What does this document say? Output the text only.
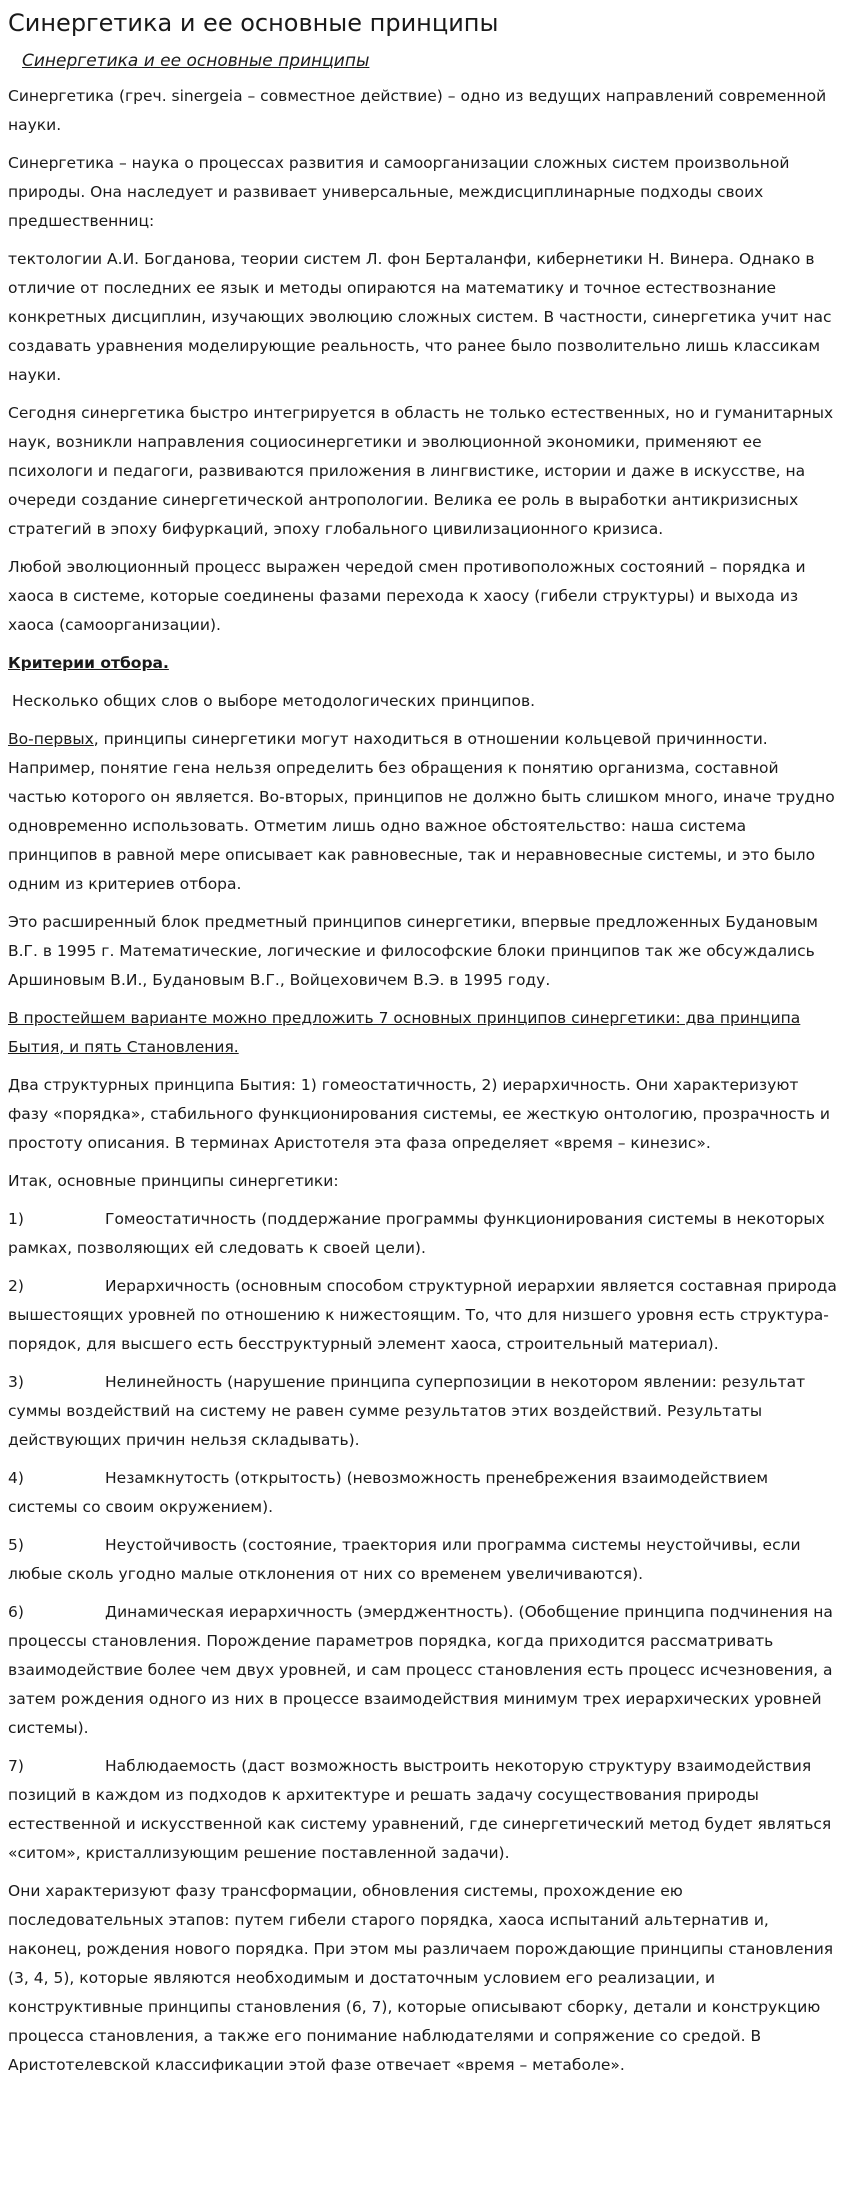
Синергетика и ее основные принципы
Синергетика и ее основные принципы

Синергетика (греч. sinergeia – совместное действие) – одно из ведущих направлений современной науки.

Синергетика – наука о процессах развития и самоорганизации сложных систем произвольной природы. Она наследует и развивает универсальные, междисциплинарные подходы своих предшественниц:

тектологии А.И. Богданова, теории систем Л. фон Берталанфи, кибернетики Н. Винера. Однако в отличие от последних ее язык и методы опираются на математику и точное естествознание конкретных дисциплин, изучающих эволюцию сложных систем. В частности, синергетика учит нас создавать уравнения моделирующие реальность, что ранее было позволительно лишь классикам науки.

Сегодня синергетика быстро интегрируется в область не только естественных, но и гуманитарных наук, возникли направления социосинергетики и эволюционной экономики, применяют ее психологи и педагоги, развиваются приложения в лингвистике, истории и даже в искусстве, на очереди создание синергетической антропологии. Велика ее роль в выработки антикризисных стратегий в эпоху бифуркаций, эпоху глобального цивилизационного кризиса.

Любой эволюционный процесс выражен чередой смен противоположных состояний – порядка и хаоса в системе, которые соединены фазами перехода к хаосу (гибели структуры) и выхода из хаоса (самоорганизации).

Критерии отбора.

Несколько общих слов о выборе методологических принципов.

Во-первых, принципы синергетики могут находиться в отношении кольцевой причинности. Например, понятие гена нельзя определить без обращения к понятию организма, составной частью которого он является. Во-вторых, принципов не должно быть слишком много, иначе трудно одновременно использовать. Отметим лишь одно важное обстоятельство: наша система принципов в равной мере описывает как равновесные, так и неравновесные системы, и это было одним из критериев отбора.

Это расширенный блок предметный принципов синергетики, впервые предложенных Будановым В.Г. в 1995 г. Математические, логические и философские блоки принципов так же обсуждались Аршиновым В.И., Будановым В.Г., Войцеховичем В.Э. в 1995 году.

В простейшем варианте можно предложить 7 основных принципов синергетики: два принципа Бытия, и пять Становления.

Два структурных принципа Бытия: 1) гомеостатичность, 2) иерархичность. Они характеризуют фазу «порядка», стабильного функционирования системы, ее жесткую онтологию, прозрачность и простоту описания. В терминах Аристотеля эта фаза определяет «время – кинезис».

Итак, основные принципы синергетики:

1)	Гомеостатичность (поддержание программы функционирования системы в некоторых рамках, позволяющих ей следовать к своей цели).

2)	Иерархичность (основным способом структурной иерархии является составная природа вышестоящих уровней по отношению к нижестоящим. То, что для низшего уровня есть структура-порядок, для высшего есть бесструктурный элемент хаоса, строительный материал).

3)	Нелинейность (нарушение принципа суперпозиции в некотором явлении: результат суммы воздействий на систему не равен сумме результатов этих воздействий. Результаты действующих причин нельзя складывать).

4)	Незамкнутость (открытость) (невозможность пренебрежения взаимодействием системы со своим окружением).

5)	Неустойчивость (состояние, траектория или программа системы неустойчивы, если любые сколь угодно малые отклонения от них со временем увеличиваются).

6)	Динамическая иерархичность (эмерджентность). (Обобщение принципа подчинения на процессы становления. Порождение параметров порядка, когда приходится рассматривать взаимодействие более чем двух уровней, и сам процесс становления есть процесс исчезновения, а затем рождения одного из них в процессе взаимодействия минимум трех иерархических уровней системы).

7)	Наблюдаемость (даст возможность выстроить некоторую структуру взаимодействия позиций в каждом из подходов к архитектуре и решать задачу сосуществования природы естественной и искусственной как систему уравнений, где синергетический метод будет являться «ситом», кристаллизующим решение поставленной задачи).

Они характеризуют фазу трансформации, обновления системы, прохождение ею последовательных этапов: путем гибели старого порядка, хаоса испытаний альтернатив и, наконец, рождения нового порядка. При этом мы различаем порождающие принципы становления (3, 4, 5), которые являются необходимым и достаточным условием его реализации, и конструктивные принципы становления (6, 7), которые описывают сборку, детали и конструкцию процесса становления, а также его понимание наблюдателями и сопряжение со средой. В Аристотелевской классификации этой фазе отвечает «время – метаболе».
